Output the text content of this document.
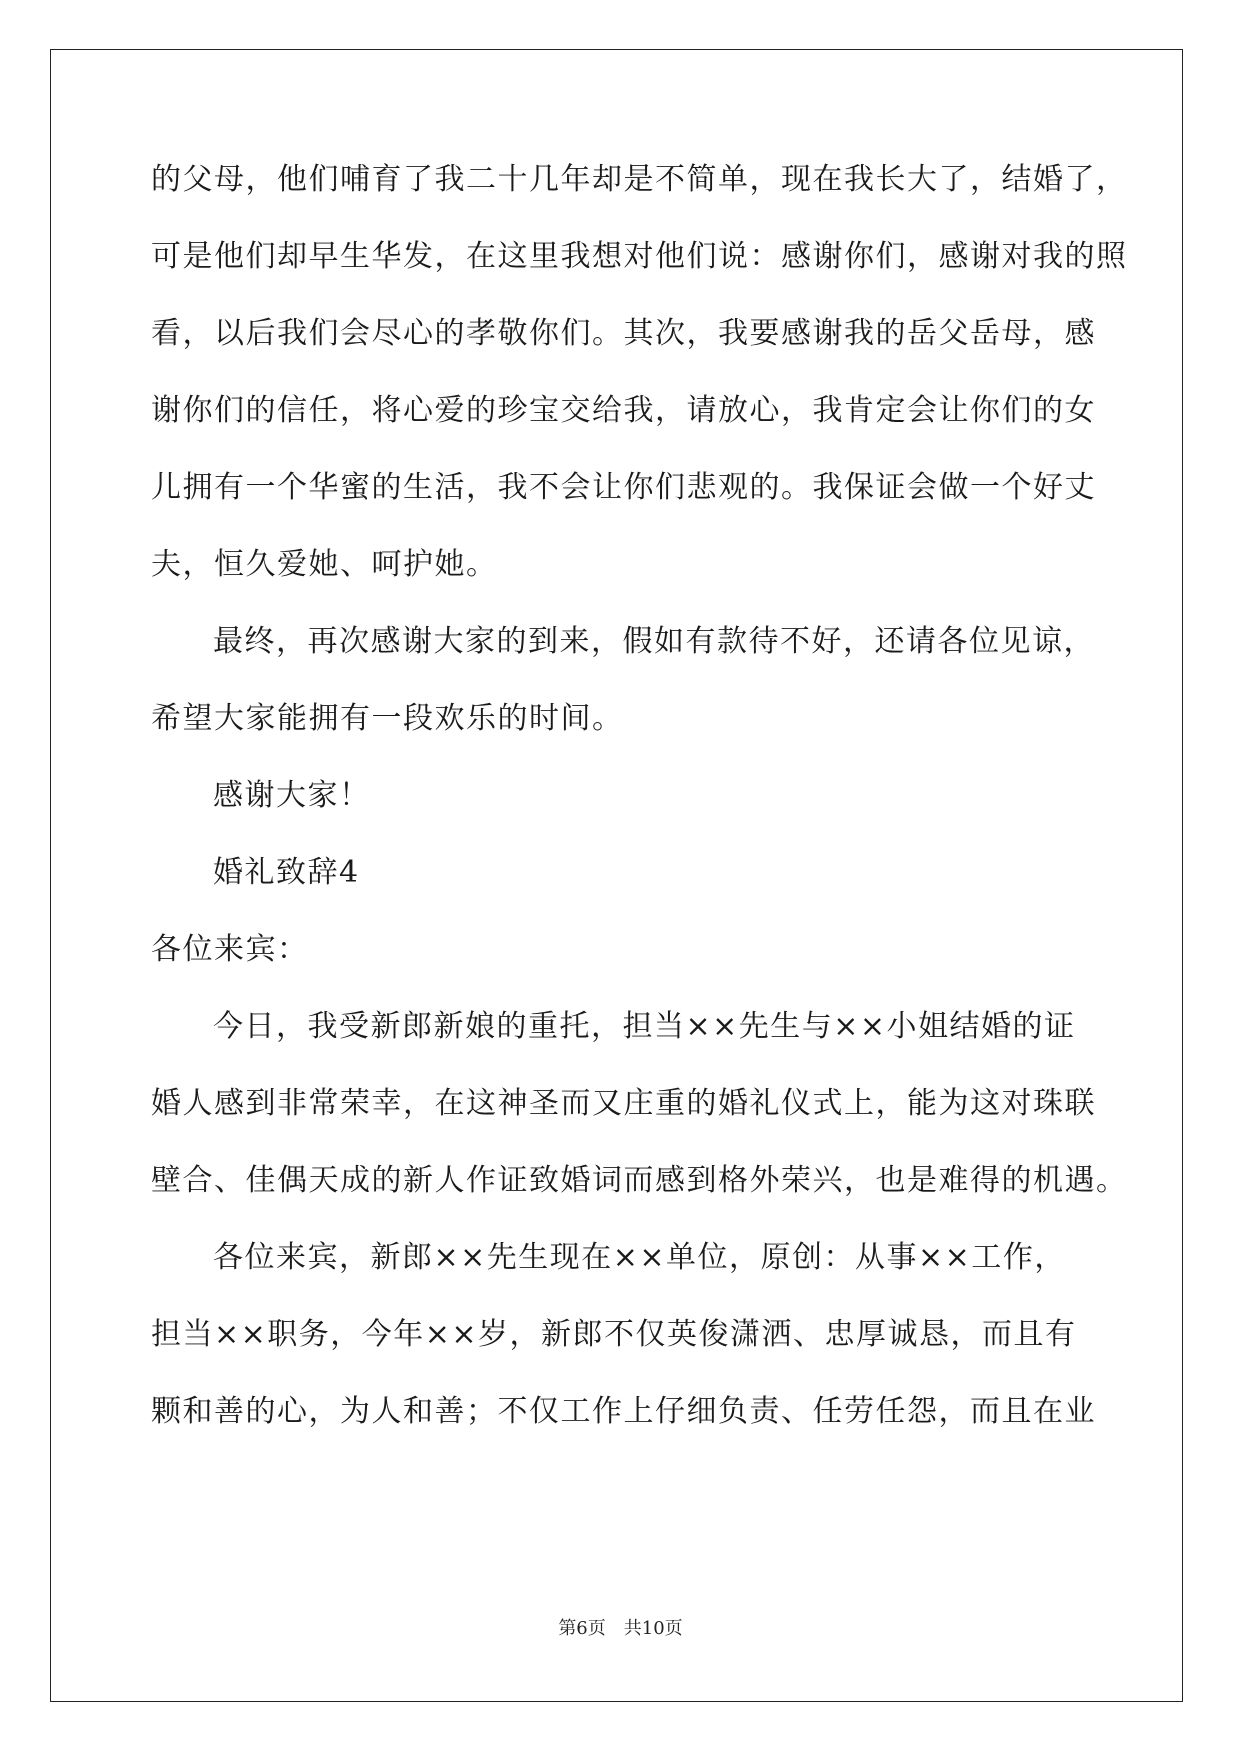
的父母，他们哺育了我二十几年却是不简单，现在我长大了，结婚了，
可是他们却早生华发，在这里我想对他们说：感谢你们，感谢对我的照
看，以后我们会尽心的孝敬你们。其次，我要感谢我的岳父岳母，感
谢你们的信任，将心爱的珍宝交给我，请放心，我肯定会让你们的女
儿拥有一个华蜜的生活，我不会让你们悲观的。我保证会做一个好丈
夫，恒久爱她、呵护她。
最终，再次感谢大家的到来，假如有款待不好，还请各位见谅，
希望大家能拥有一段欢乐的时间。
感谢大家！
婚礼致辞4
各位来宾：
今日，我受新郎新娘的重托，担当××先生与××小姐结婚的证
婚人感到非常荣幸，在这神圣而又庄重的婚礼仪式上，能为这对珠联
壁合、佳偶天成的新人作证致婚词而感到格外荣兴，也是难得的机遇。
各位来宾，新郎××先生现在××单位，原创：从事××工作，
担当××职务，今年××岁，新郎不仅英俊潇洒、忠厚诚恳，而且有
颗和善的心，为人和善；不仅工作上仔细负责、任劳任怨，而且在业
第6页 共10页
